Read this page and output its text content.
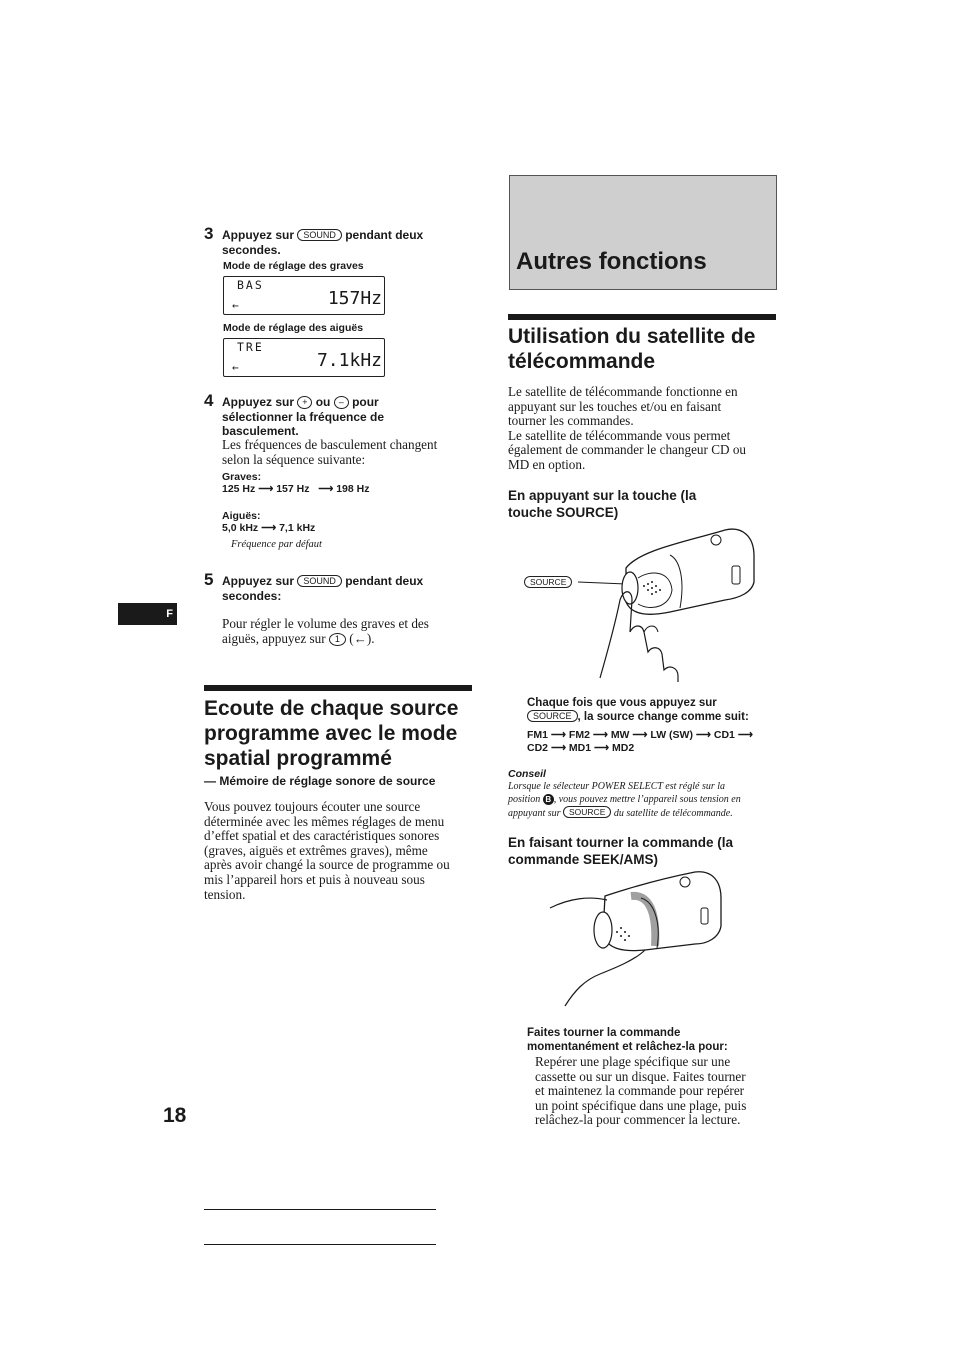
3 Appuyez sur SOUND pendant deux
secondes.
Mode de réglage des graves
BAS
157Hz
←
Mode de réglage des aiguës
TRE
7.1kHz
←
4 Appuyez sur + ou – pour
sélectionner la fréquence de
basculement.
Les fréquences de basculement changent
selon la séquence suivante:
Graves:
125 Hz ⟶ 157 Hz ⟶ 198 Hz
Aiguës:
5,0 kHz ⟶ 7,1 kHz
Fréquence par défaut
5 Appuyez sur SOUND pendant deux
secondes:
Pour régler le volume des graves et des
aiguës, appuyez sur 1 (←).
F
Ecoute de chaque source
programme avec le mode
spatial programmé
— Mémoire de réglage sonore de source
Vous pouvez toujours écouter une source
déterminée avec les mêmes réglages de menu
d’effet spatial et des caractéristiques sonores
(graves, aiguës et extrêmes graves), même
après avoir changé la source de programme ou
mis l’appareil hors et puis à nouveau sous
tension.
18
Autres fonctions
Utilisation du satellite de
télécommande
Le satellite de télécommande fonctionne en
appuyant sur les touches et/ou en faisant
tourner les commandes.
Le satellite de télécommande vous permet
également de commander le changeur CD ou
MD en option.
En appuyant sur la touche (la
touche SOURCE)
SOURCE
Chaque fois que vous appuyez sur
SOURCE , la source change comme suit:
FM1 ⟶ FM2 ⟶ MW ⟶ LW (SW) ⟶ CD1 ⟶
CD2 ⟶ MD1 ⟶ MD2
Conseil
Lorsque le sélecteur POWER SELECT est réglé sur la
position B , vous pouvez mettre l’appareil sous tension en
appuyant sur SOURCE du satellite de télécommande.
En faisant tourner la commande (la
commande SEEK/AMS)
Faites tourner la commande
momentanément et relâchez-la pour:
Repérer une plage spécifique sur une
cassette ou sur un disque. Faites tourner
et maintenez la commande pour repérer
un point spécifique dans une plage, puis
relâchez-la pour commencer la lecture.
